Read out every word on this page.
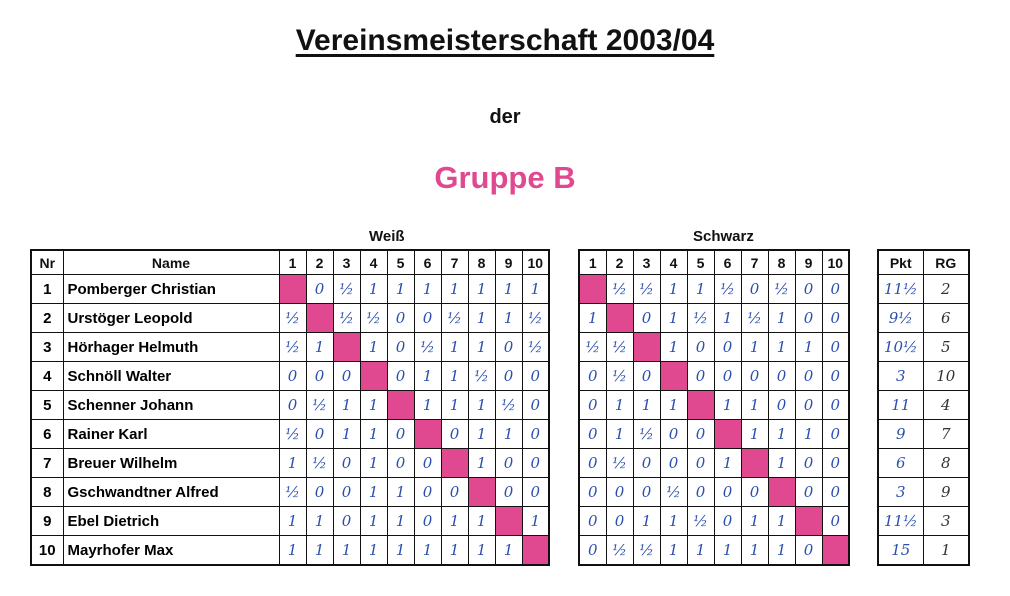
Vereinsmeisterschaft 2003/04
der
Gruppe B
Weiß	Schwarz
Nr	Name	1	2	3	4	5	6	7	8	9	10
1	Pomberger Christian		0	½	1	1	1	1	1	1	1
2	Urstöger Leopold	½		½	½	0	0	½	1	1	½
3	Hörhager Helmuth	½	1		1	0	½	1	1	0	½
4	Schnöll Walter	0	0	0		0	1	1	½	0	0
5	Schenner Johann	0	½	1	1		1	1	1	½	0
6	Rainer Karl	½	0	1	1	0		0	1	1	0
7	Breuer Wilhelm	1	½	0	1	0	0		1	0	0
8	Gschwandtner Alfred	½	0	0	1	1	0	0		0	0
9	Ebel Dietrich	1	1	0	1	1	0	1	1		1
10	Mayrhofer Max	1	1	1	1	1	1	1	1	1	
1	2	3	4	5	6	7	8	9	10
	½	½	1	1	½	0	½	0	0
1		0	1	½	1	½	1	0	0
½	½		1	0	0	1	1	1	0
0	½	0		0	0	0	0	0	0
0	1	1	1		1	1	0	0	0
0	1	½	0	0		1	1	1	0
0	½	0	0	0	1		1	0	0
0	0	0	½	0	0	0		0	0
0	0	1	1	½	0	1	1		0
0	½	½	1	1	1	1	1	0	
Pkt	RG
11½	2
9½	6
10½	5
3	10
11	4
9	7
6	8
3	9
11½	3
15	1
